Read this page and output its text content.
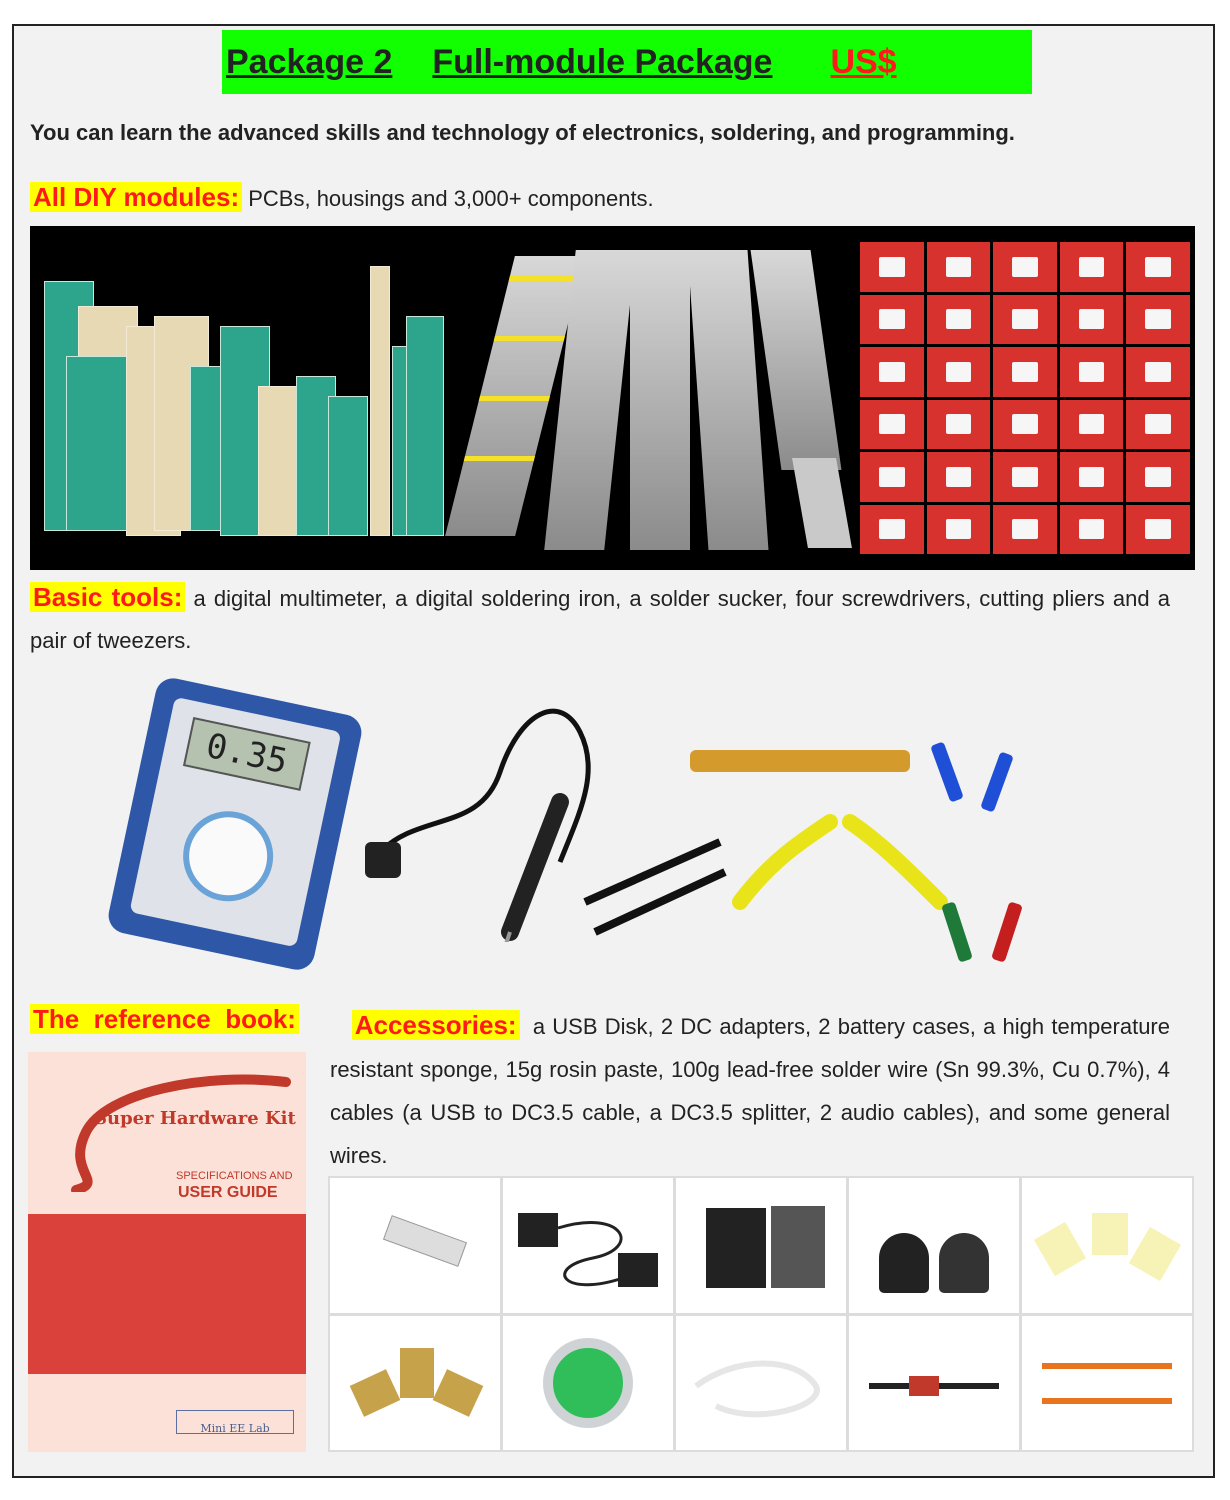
Package 2 Full-module Package US$
You can learn the advanced skills and technology of electronics, soldering, and programming.
All DIY modules: PCBs, housings and 3,000+ components.
Basic tools: a digital multimeter, a digital soldering iron, a solder sucker, four screwdrivers, cutting pliers and a pair of tweezers.
0.35
The  reference  book:	Accessories: a USB Disk, 2 DC adapters, 2 battery cases, a high temperature resistant sponge, 15g rosin paste, 100g lead-free solder wire (Sn 99.3%, Cu 0.7%), 4 cables (a USB to DC3.5 cable, a DC3.5 splitter, 2 audio cables), and some general wires.
Super Hardware Kit
SPECIFICATIONS AND
USER GUIDE
Mini EE Lab
